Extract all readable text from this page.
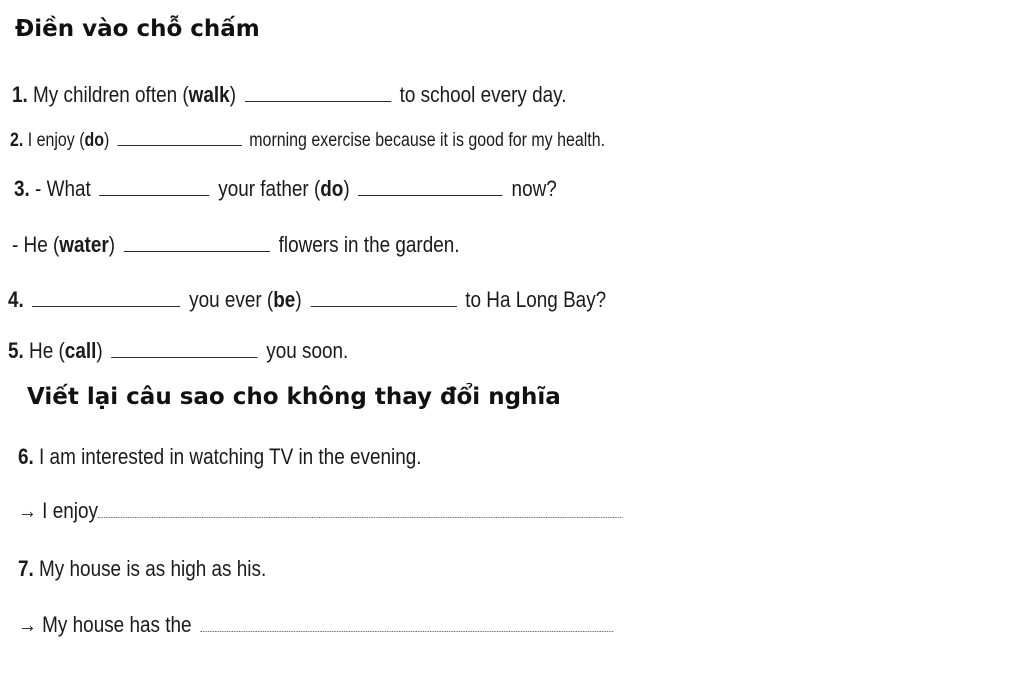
Điền vào chỗ chấm
1. My children often (walk)	to school every day.
2. I enjoy (do)	morning exercise because it is good for my health.
3. - What	your father (do)	now?
- He (water)	flowers in the garden.
4.	you ever (be)	to Ha Long Bay?
5. He (call)	you soon.
Viết lại câu sao cho không thay đổi nghĩa
6. I am interested in watching TV in the evening.
→ I enjoy
7. My house is as high as his.
→ My house has the
